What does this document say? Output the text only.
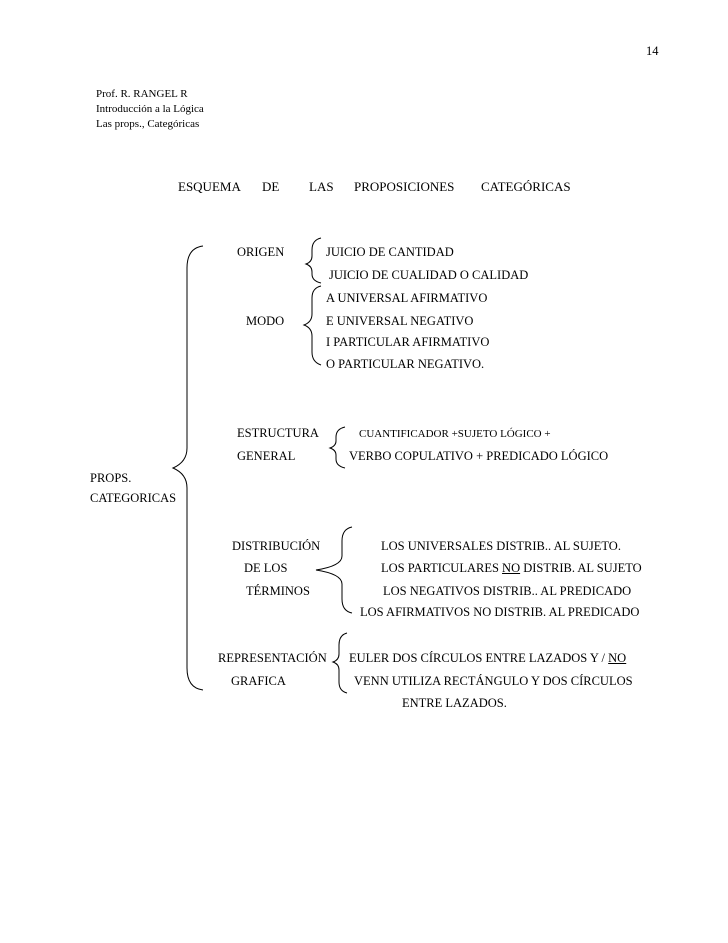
14
Prof. R. RANGEL R
Introducción a la Lógica
Las props., Categóricas
ESQUEMA DE LAS PROPOSICIONES CATEGÓRICAS
PROPS.
CATEGORICAS
ORIGEN	JUICIO DE CANTIDAD
JUICIO DE CUALIDAD O CALIDAD
MODO
A UNIVERSAL AFIRMATIVO
E UNIVERSAL NEGATIVO
I PARTICULAR AFIRMATIVO
O PARTICULAR NEGATIVO.
ESTRUCTURA
GENERAL
CUANTIFICADOR +SUJETO LÓGICO +
VERBO COPULATIVO + PREDICADO LÓGICO
DISTRIBUCIÓN
DE LOS
TÉRMINOS
LOS UNIVERSALES DISTRIB.. AL SUJETO.
LOS PARTICULARES NO DISTRIB. AL SUJETO
LOS NEGATIVOS DISTRIB.. AL PREDICADO
LOS AFIRMATIVOS NO DISTRIB. AL PREDICADO
REPRESENTACIÓN
GRAFICA
EULER DOS CÍRCULOS ENTRE LAZADOS Y / NO
VENN UTILIZA RECTÁNGULO Y DOS CÍRCULOS
ENTRE LAZADOS.
